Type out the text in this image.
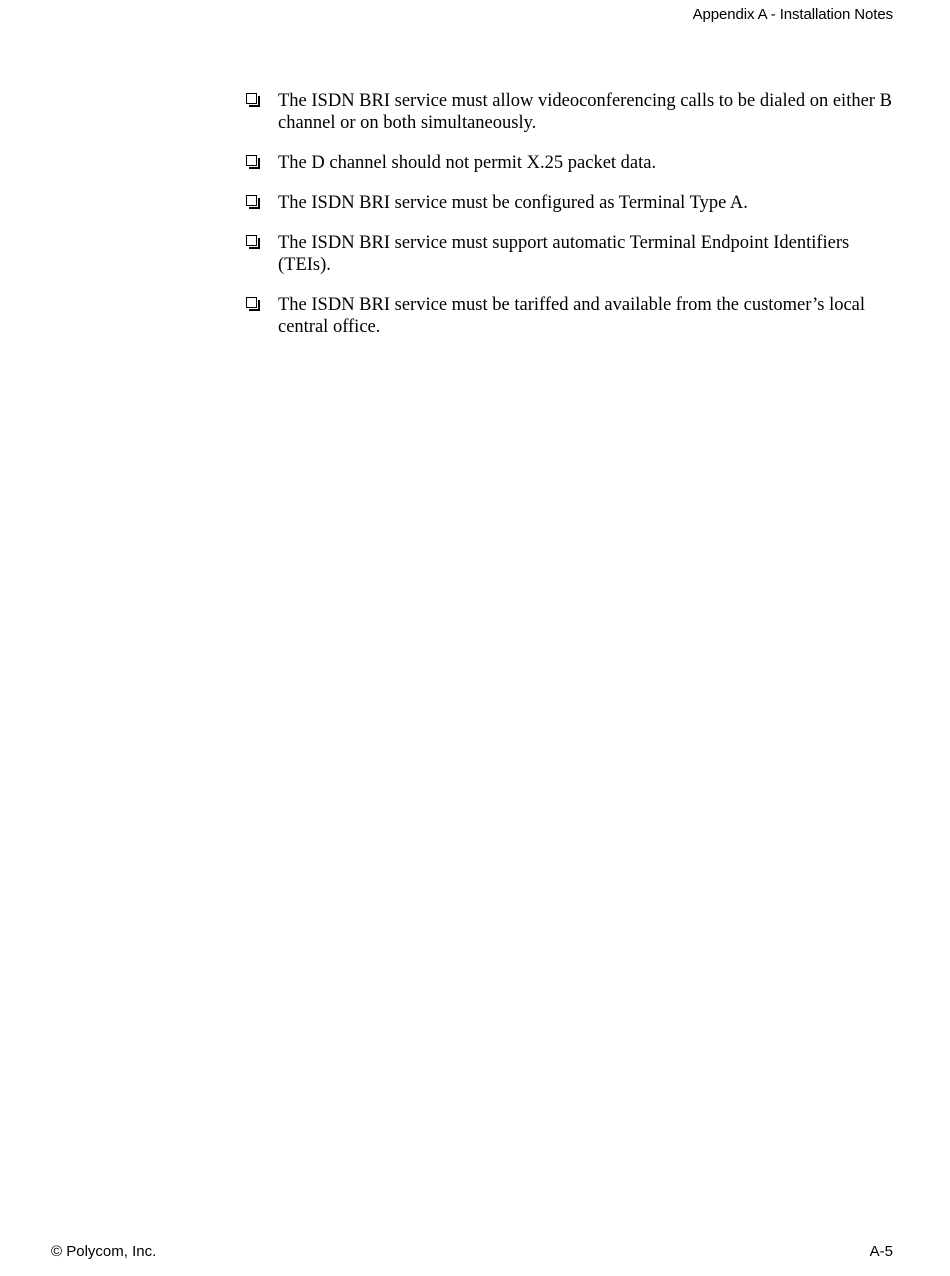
Appendix A - Installation Notes
The ISDN BRI service must allow videoconferencing calls to be dialed on either B channel or on both simultaneously.
The D channel should not permit X.25 packet data.
The ISDN BRI service must be configured as Terminal Type A.
The ISDN BRI service must support automatic Terminal Endpoint Identifiers (TEIs).
The ISDN BRI service must be tariffed and available from the customer’s local central office.
© Polycom, Inc.	A-5
